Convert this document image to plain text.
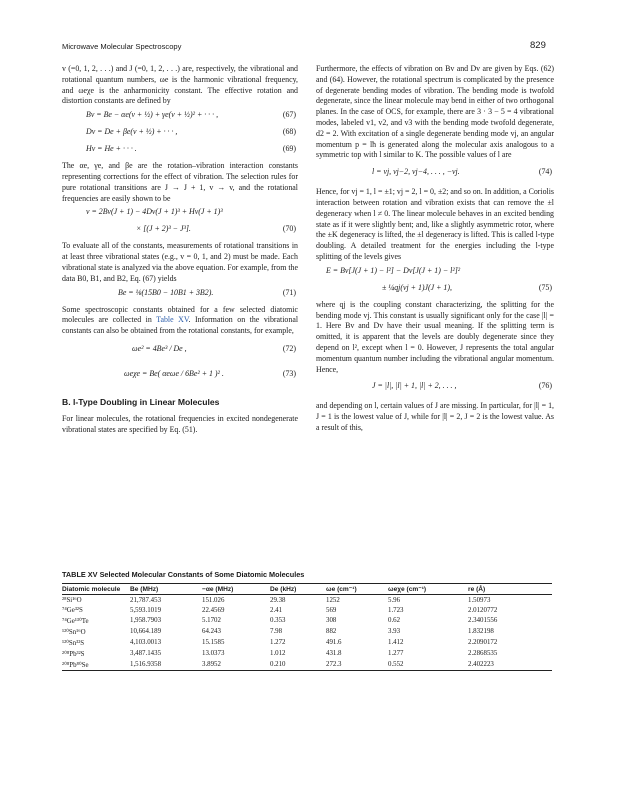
Microwave Molecular Spectroscopy	829

v (=0, 1, 2, . . .) and J (=0, 1, 2, . . .) are, respectively, the vibrational and rotational quantum numbers, ωe is the harmonic vibrational frequency, and ωeχe is the anharmonicity constant. The effective rotation and distortion constants are defined by

Bv = Be − αe(v + ½) + γe(v + ½)² + · · · ,	(67)
Dv = De + βe(v + ½) + · · · ,	(68)
Hv = He + · · · .	(69)

The αe, γe, and βe are the rotation–vibration interaction constants representing corrections for the effect of vibration. The selection rules for pure rotational transitions are J → J + 1, v → v, and the rotational frequencies are easily shown to be

ν = 2Bv(J + 1) − 4Dv(J + 1)³ + Hv(J + 1)³
× [(J + 2)³ − J³].	(70)

To evaluate all of the constants, measurements of rotational transitions in at least three vibrational states (e.g., v = 0, 1, and 2) must be made. Each vibrational state is analyzed via the above equation. For example, from the data B0, B1, and B2, Eq. (67) yields

Be = ⅛(15B0 − 10B1 + 3B2).	(71)

Some spectroscopic constants obtained for a few selected diatomic molecules are collected in Table XV. Information on the vibrational constants can also be obtained from the rotational constants, for example,

ωe² = 4Be³ / De ,	(72)
ωeχe = Be( αeωe / 6Be² + 1 )² .	(73)
B. l-Type Doubling in Linear Molecules

For linear molecules, the rotational frequencies in excited nondegenerate vibrational states are specified by Eq. (51).

Furthermore, the effects of vibration on Bv and Dv are given by Eqs. (62) and (64). However, the rotational spectrum is complicated by the presence of degenerate bending modes of vibration. The bending mode is twofold degenerate, since the linear molecule may bend in either of two orthogonal planes. In the case of OCS, for example, there are 3 · 3 − 5 = 4 vibrational modes, labeled v1, v2, and v3 with the bending mode twofold degenerate, d2 = 2. With excitation of a single degenerate bending mode vj, an angular momentum p = lħ is generated along the molecular axis analogous to a symmetric top with l similar to K. The possible values of l are

l = vj, vj−2, vj−4, . . . , −vj.	(74)

Hence, for vj = 1, l = ±1; vj = 2, l = 0, ±2; and so on. In addition, a Coriolis interaction between rotation and vibration exists that can remove the ±l degeneracy when l ≠ 0. The linear molecule behaves in an excited bending state as if it were slightly bent; and, like a slightly asymmetric rotor, where the ±K degeneracy is lifted, the ±l degeneracy is lifted. This is called l-type doubling. A detailed treatment for the energies including the l-type splitting of the levels gives

E = Bv[J(J + 1) − l²] − Dv[J(J + 1) − l²]²
± ¼qj(vj + 1)J(J + 1),	(75)

where qj is the coupling constant characterizing, the splitting for the bending mode vj. This constant is usually significant only for the case |l| = 1. Here Bv and Dv have their usual meaning. If the splitting term is omitted, it is apparent that the levels are doubly degenerate since they depend on l², except when l = 0. However, J represents the total angular momentum quantum number including the vibrational angular momentum. Hence,

J = |l|, |l| + 1, |l| + 2, . . . ,	(76)

and depending on l, certain values of J are missing. In particular, for |l| = 1, J = 1 is the lowest value of J, while for |l| = 2, J = 2 is the lowest value. As a result of this,

TABLE XV Selected Molecular Constants of Some Diatomic Molecules
Diatomic molecule	Be (MHz)	−αe (MHz)	De (kHz)	ωe (cm⁻¹)	ωeχe (cm⁻¹)	re (Å)

²⁸Si¹⁶O	21,787.453	151.026	29.38	1252	5.96	1.50973
⁷⁴Ge³²S	5,593.1019	22.4569	2.41	569	1.723	2.0120772
⁷⁴Ge¹³⁰Te	1,958.7903	5.1702	0.353	308	0.62	2.3401556
¹²⁰Sn¹⁶O	10,664.189	64.243	7.98	882	3.93	1.832198
¹²⁰Sn³²S	4,103.0013	15.1585	1.272	491.6	1.412	2.2090172
²⁰⁸Pb³²S	3,487.1435	13.0373	1.012	431.8	1.277	2.2868535
²⁰⁸Pb⁸⁰Se	1,516.9358	3.8952	0.210	272.3	0.552	2.402223
